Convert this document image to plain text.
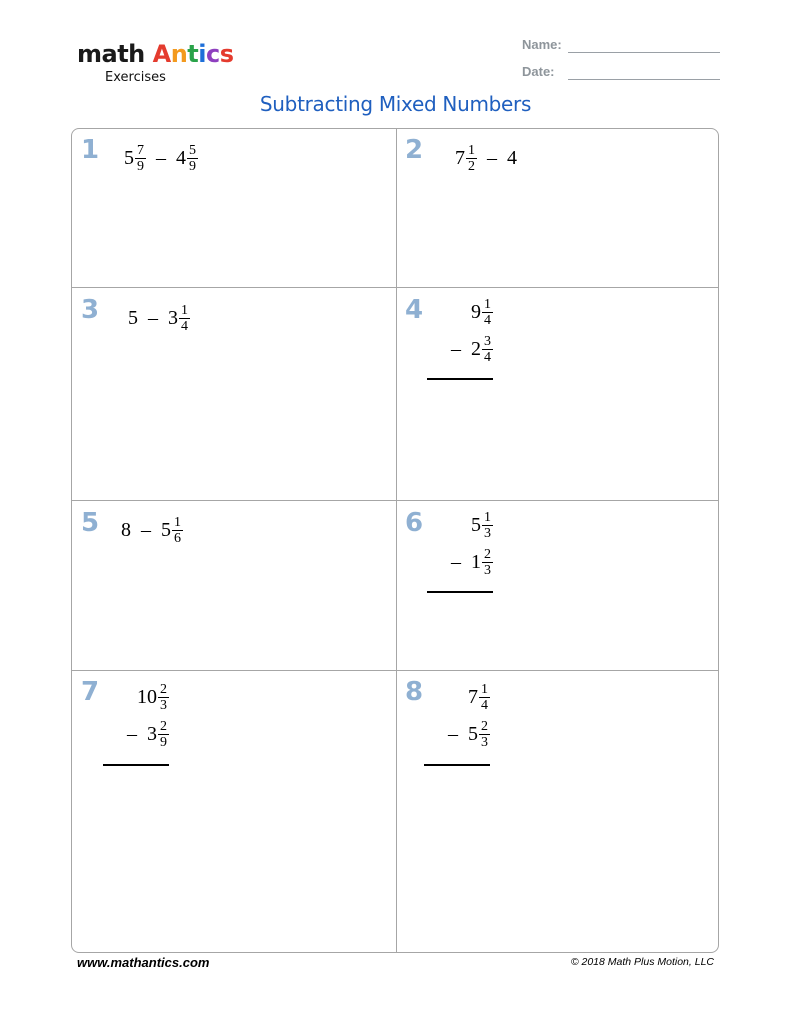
math Antics
Exercises
Name:
Date:
Subtracting Mixed Numbers
1 $5 \frac{7}{9} - 4 \frac{5}{9}$	2 $7 \frac{1}{2} - 4$
3 $5 - 3 \frac{1}{4}$	4 $9 \frac{1}{4}$
– $2 \frac{3}{4}$
5 $8 - 5 \frac{1}{6}$	6 $5 \frac{1}{3}$
– $1 \frac{2}{3}$
7 $10 \frac{2}{3}$
– $3 \frac{2}{9}$
8 $7 \frac{1}{4}$
– $5 \frac{2}{3}$
www.mathantics.com	© 2018 Math Plus Motion, LLC
